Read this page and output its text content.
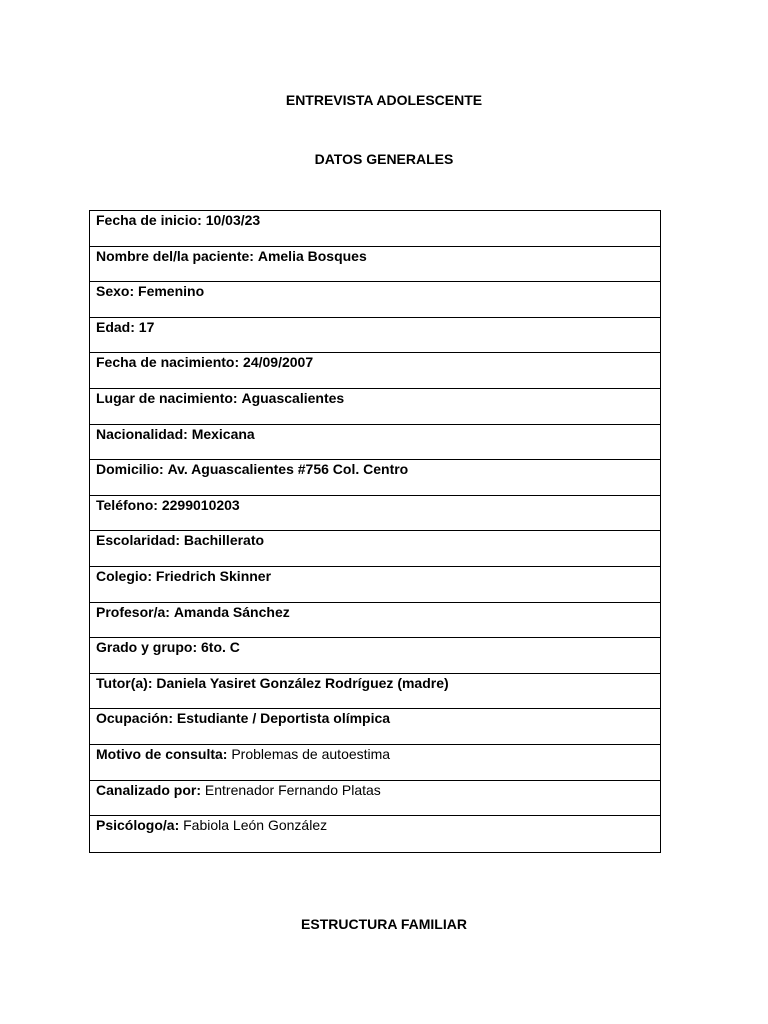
ENTREVISTA ADOLESCENTE
DATOS GENERALES
Fecha de inicio: 10/03/23
Nombre del/la paciente: Amelia Bosques
Sexo: Femenino
Edad: 17
Fecha de nacimiento: 24/09/2007
Lugar de nacimiento: Aguascalientes
Nacionalidad: Mexicana
Domicilio: Av. Aguascalientes #756 Col. Centro
Teléfono: 2299010203
Escolaridad: Bachillerato
Colegio: Friedrich Skinner
Profesor/a: Amanda Sánchez
Grado y grupo: 6to. C
Tutor(a): Daniela Yasiret González Rodríguez (madre)
Ocupación: Estudiante / Deportista olímpica
Motivo de consulta: Problemas de autoestima
Canalizado por: Entrenador Fernando Platas
Psicólogo/a: Fabiola León González
ESTRUCTURA FAMILIAR
